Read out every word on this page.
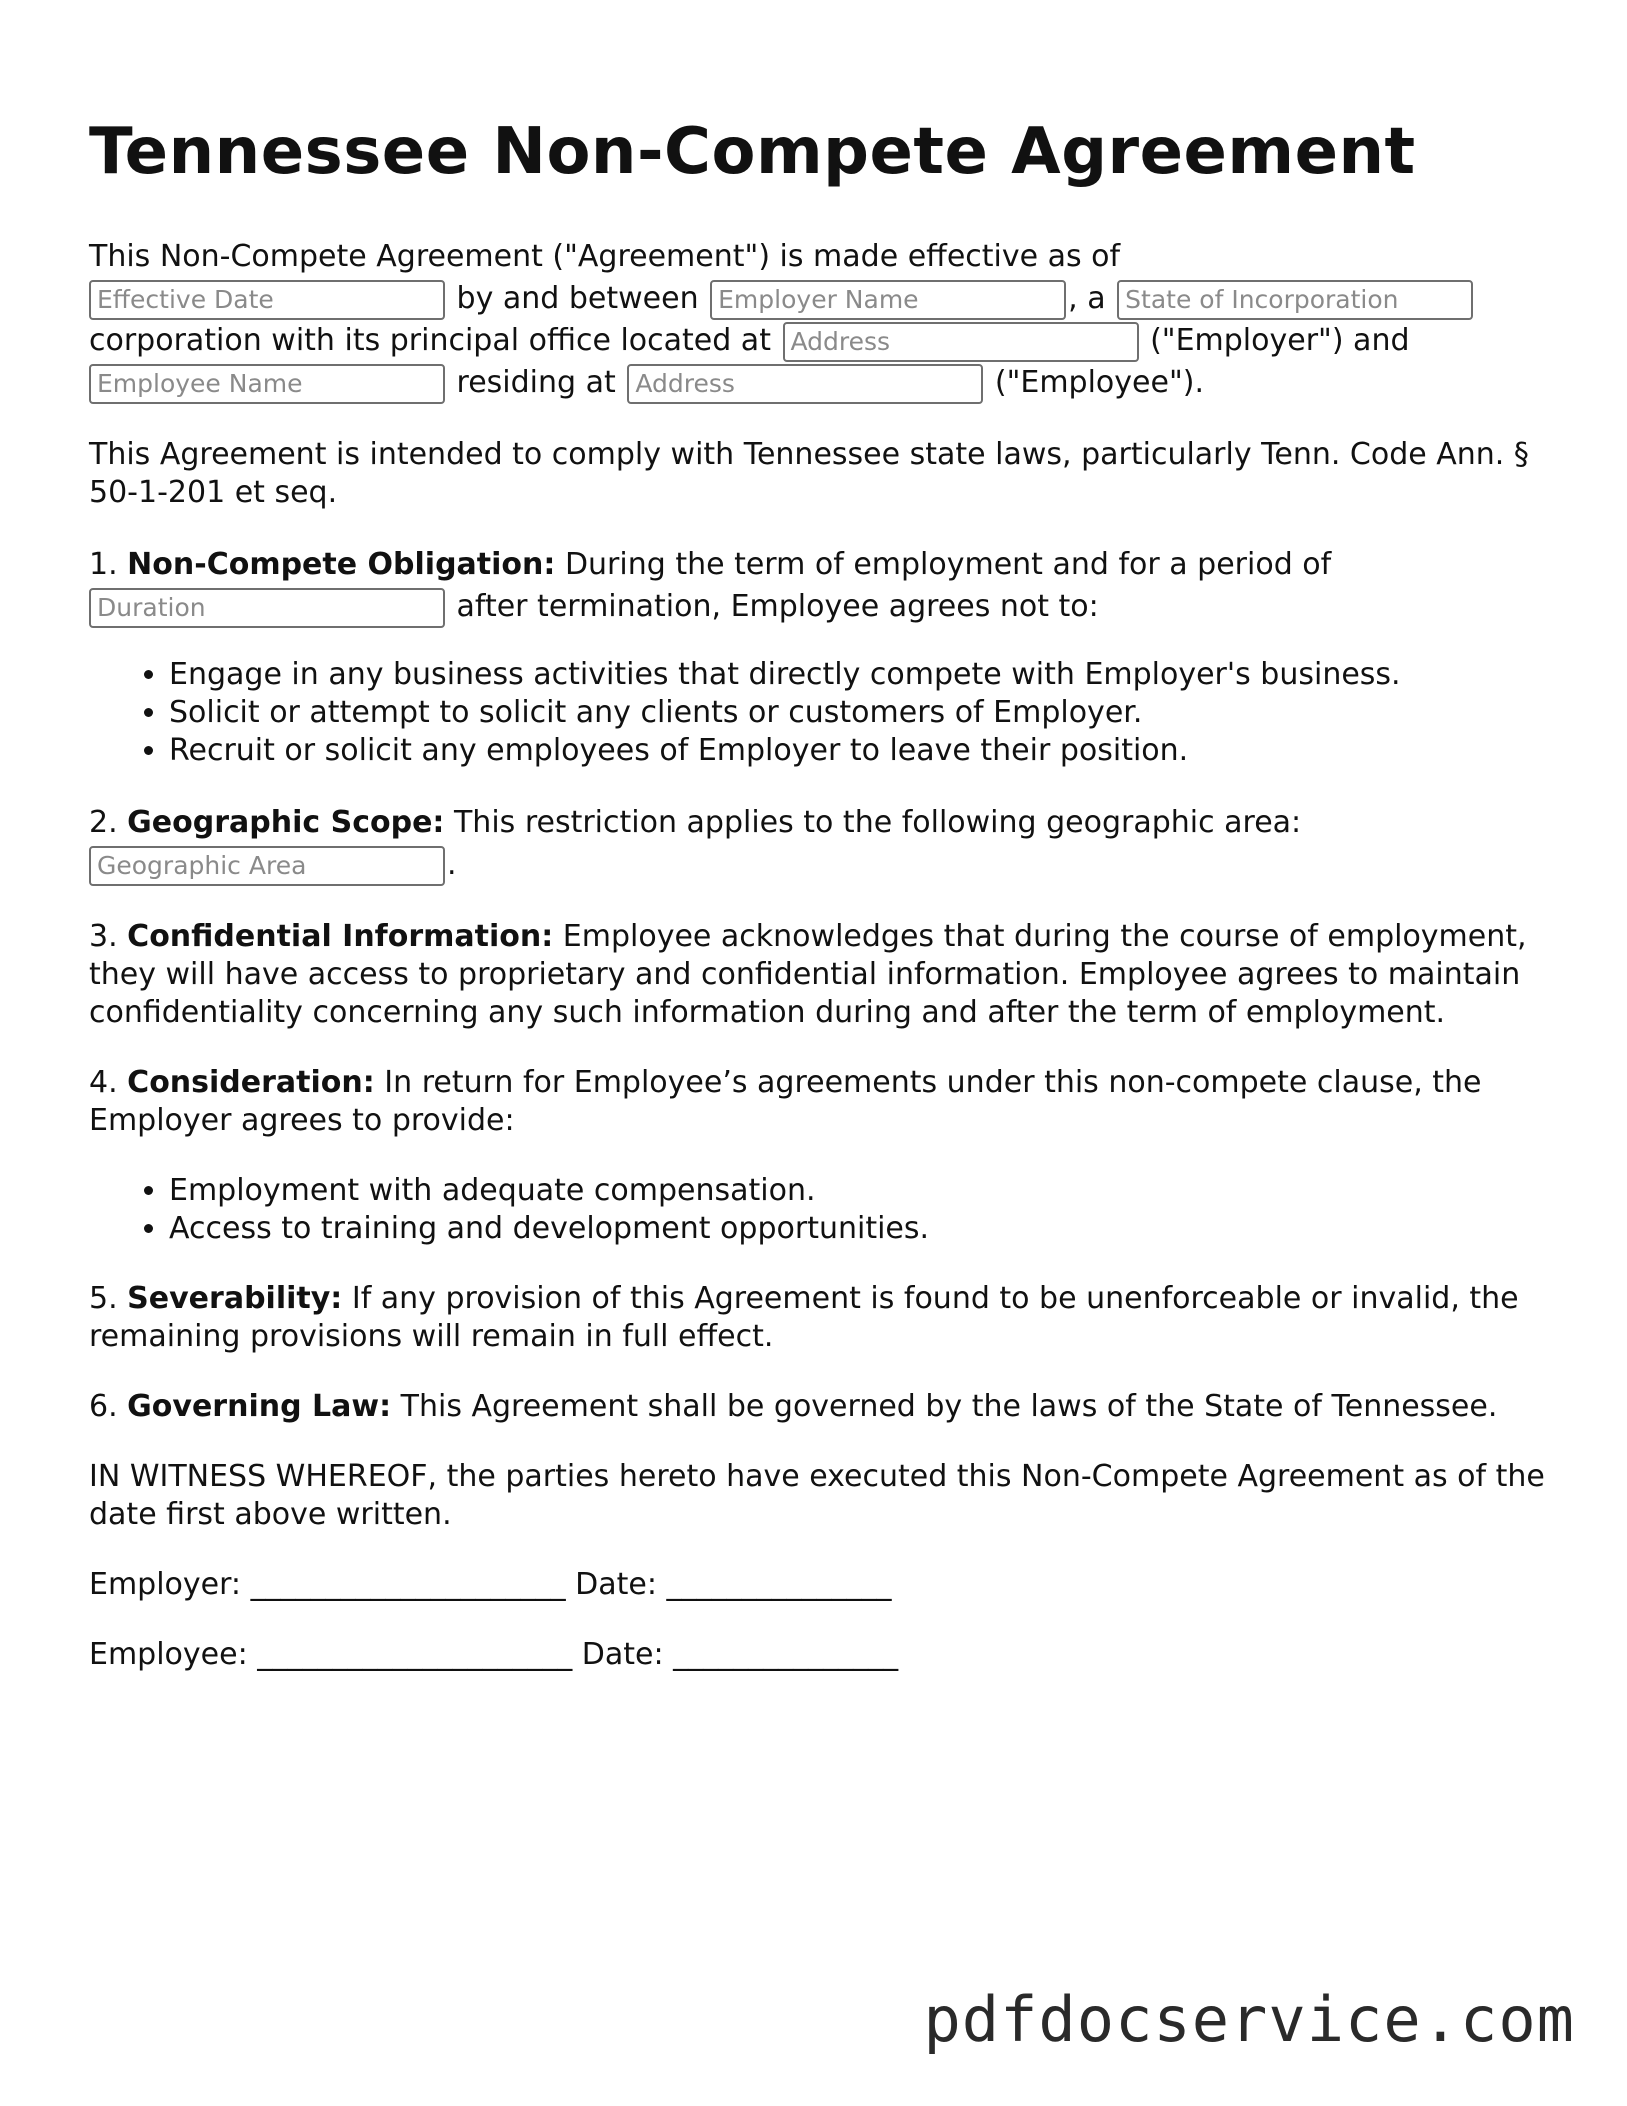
Tennessee Non-Compete Agreement

This Non-Compete Agreement ("Agreement") is made effective as of
Effective Date	by and between Employer Name	, a State of Incorporation
corporation with its principal office located at Address	("Employer") and
Employee Name	residing at Address	("Employee").

This Agreement is intended to comply with Tennessee state laws, particularly Tenn. Code Ann. § 50-1-201 et seq.

1. Non-Compete Obligation: During the term of employment and for a period of
Duration	after termination, Employee agrees not to:

• Engage in any business activities that directly compete with Employer's business.
• Solicit or attempt to solicit any clients or customers of Employer.
• Recruit or solicit any employees of Employer to leave their position.

2. Geographic Scope: This restriction applies to the following geographic area:
Geographic Area	.

3. Confidential Information: Employee acknowledges that during the course of employment, they will have access to proprietary and confidential information. Employee agrees to maintain confidentiality concerning any such information during and after the term of employment.

4. Consideration: In return for Employee’s agreements under this non-compete clause, the Employer agrees to provide:

• Employment with adequate compensation.
• Access to training and development opportunities.

5. Severability: If any provision of this Agreement is found to be unenforceable or invalid, the remaining provisions will remain in full effect.

6. Governing Law: This Agreement shall be governed by the laws of the State of Tennessee.

IN WITNESS WHEREOF, the parties hereto have executed this Non-Compete Agreement as of the date first above written.

Employer: _____________________ Date: _______________

Employee: _____________________ Date: _______________

pdfdocservice.com
